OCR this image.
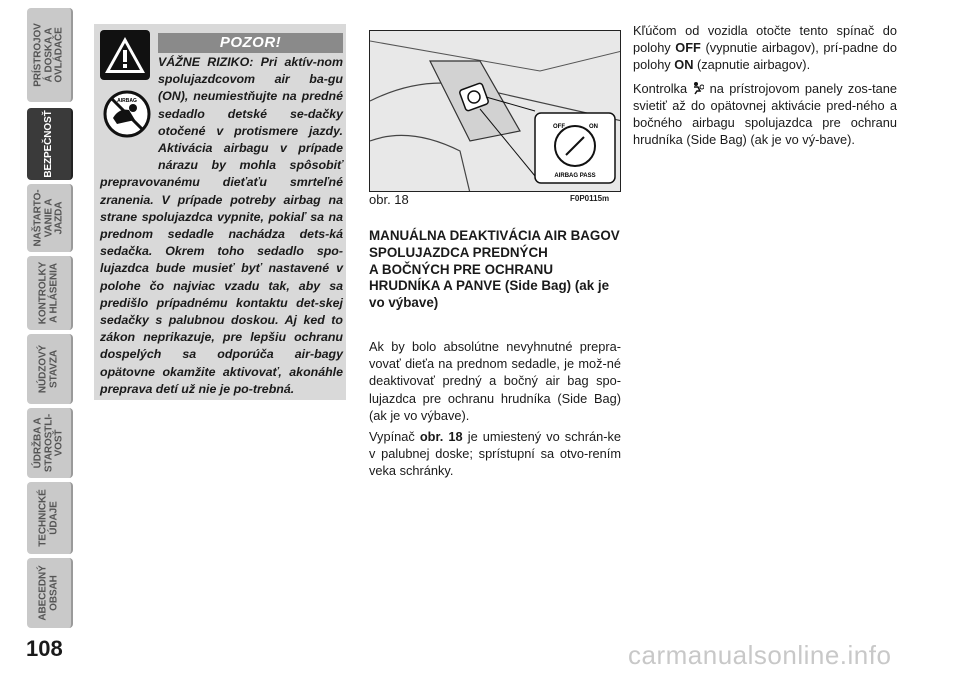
PRÍSTROJOV
Á DOSKA A
OVLÁDAČE
BEZPEČNOSŤ
NAŠTARTO-
VANIE A
JAZDA
KONTROLKY
A HLÁSENIA
NÚDZOVÝ
STAVZA
ÚDRŽBA A
STAROSTLI-
VOSŤ
TECHNICKÉ
ÚDAJE
ABECEDNÝ
OBSAH
108
POZOR!
AIRBAG
VÁŽNE RIZIKO: Pri aktív-nom spolujazdcovom air ba-gu (ON), neumiestňujte na predné sedadlo detské se-dačky otočené v protismere jazdy. Aktivácia airbagu v prípade nárazu by mohla spôsobiť prepravovanému dieťaťu smrteľné zranenia. V prípade potreby airbag na strane spolujazdca vypnite, pokiaľ sa na prednom sedadle nachádza dets-ká sedačka. Okrem toho sedadlo spo-lujazdca bude musieť byť nastavené v polohe čo najviac vzadu tak, aby sa predišlo prípadnému kontaktu det-skej sedačky s palubnou doskou. Aj ked to zákon neprikazuje, pre lepšiu ochranu dospelých sa odporúča air-bagy opätovne okamžite aktivovať, akonáhle preprava detí už nie je po-trebná.
OFF	ON
AIRBAG PASS
obr. 18	F0P0115m
MANUÁLNA DEAKTIVÁCIA AIR BAGOV SPOLUJAZDCA PREDNÝCH
A BOČNÝCH PRE OCHRANU HRUDNÍKA A PANVE (Side Bag) (ak je vo výbave)

Ak by bolo absolútne nevyhnutné prepra-vovať dieťa na prednom sedadle, je mož-né deaktivovať predný a bočný air bag spo-lujazdca pre ochranu hrudníka (Side Bag) (ak je vo výbave).

Vypínač obr. 18 je umiestený vo schrán-ke v palubnej doske; sprístupní sa otvo-rením veka schránky.

Kľúčom od vozidla otočte tento spínač do polohy OFF (vypnutie airbagov), prí-padne do polohy ON (zapnutie airbagov).

Kontrolka  na prístrojovom panely zos-tane svietiť až do opätovnej aktivácie pred-ného a bočného airbagu spolujazdca pre ochranu hrudníka (Side Bag) (ak je vo vý-bave).

carmanualsonline.info
